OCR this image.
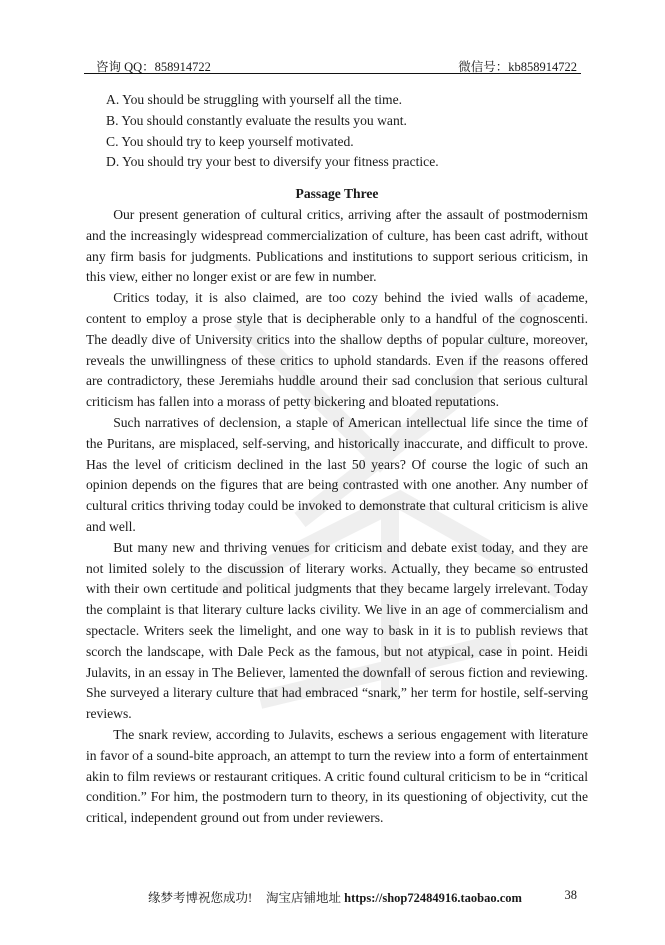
咨询 QQ：858914722	微信号：kb858914722
A. You should be struggling with yourself all the time.
B. You should constantly evaluate the results you want.
C. You should try to keep yourself motivated.
D. You should try your best to diversify your fitness practice.
Passage Three

Our present generation of cultural critics, arriving after the assault of postmodernism and the increasingly widespread commercialization of culture, has been cast adrift, without any firm basis for judgments. Publications and institutions to support serious criticism, in this view, either no longer exist or are few in number.

Critics today, it is also claimed, are too cozy behind the ivied walls of academe, content to employ a prose style that is decipherable only to a handful of the cognoscenti. The deadly dive of University critics into the shallow depths of popular culture, moreover, reveals the unwillingness of these critics to uphold standards. Even if the reasons offered are contradictory, these Jeremiahs huddle around their sad conclusion that serious cultural criticism has fallen into a morass of petty bickering and bloated reputations.

Such narratives of declension, a staple of American intellectual life since the time of the Puritans, are misplaced, self-serving, and historically inaccurate, and difficult to prove. Has the level of criticism declined in the last 50 years? Of course the logic of such an opinion depends on the figures that are being contrasted with one another. Any number of cultural critics thriving today could be invoked to demonstrate that cultural criticism is alive and well.

But many new and thriving venues for criticism and debate exist today, and they are not limited solely to the discussion of literary works. Actually, they became so entrusted with their own certitude and political judgments that they became largely irrelevant. Today the complaint is that literary culture lacks civility. We live in an age of commercialism and spectacle. Writers seek the limelight, and one way to bask in it is to publish reviews that scorch the landscape, with Dale Peck as the famous, but not atypical, case in point. Heidi Julavits, in an essay in The Believer, lamented the downfall of serous fiction and reviewing. She surveyed a literary culture that had embraced “snark,” her term for hostile, self-serving reviews.

The snark review, according to Julavits, eschews a serious engagement with literature in favor of a sound-bite approach, an attempt to turn the review into a form of entertainment akin to film reviews or restaurant critiques. A critic found cultural criticism to be in “critical condition.” For him, the postmodern turn to theory, in its questioning of objectivity, cut the critical, independent ground out from under reviewers.

缘梦考博祝您成功! 淘宝店铺地址 https://shop72484916.taobao.com	38
